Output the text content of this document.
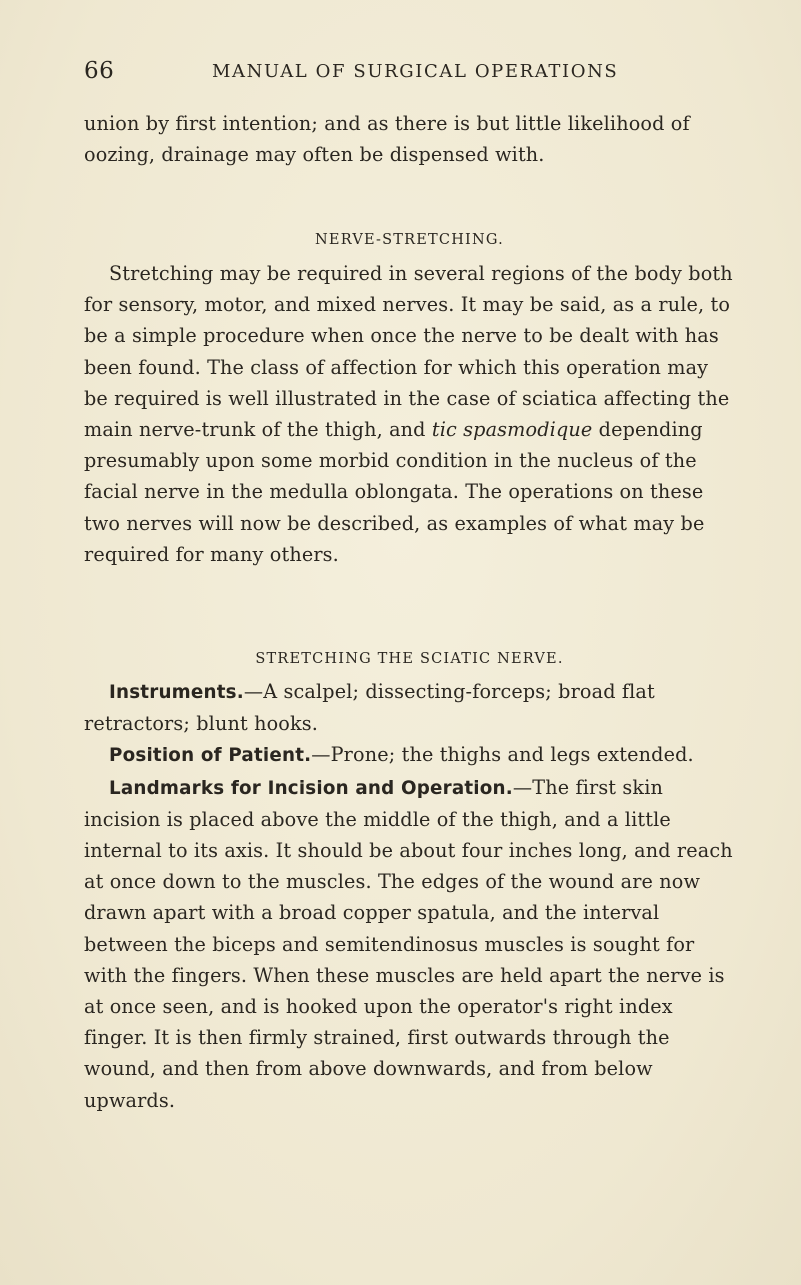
66	MANUAL OF SURGICAL OPERATIONS
union by first intention; and as there is but little likelihood of oozing, drainage may often be dispensed with.
NERVE-STRETCHING.
Stretching may be required in several regions of the body both for sensory, motor, and mixed nerves. It may be said, as a rule, to be a simple procedure when once the nerve to be dealt with has been found. The class of affection for which this operation may be required is well illustrated in the case of sciatica affecting the main nerve-trunk of the thigh, and tic spasmodique depending presumably upon some morbid condition in the nucleus of the facial nerve in the medulla oblongata. The operations on these two nerves will now be described, as examples of what may be required for many others.
STRETCHING THE SCIATIC NERVE.
Instruments.—A scalpel; dissecting-forceps; broad flat retractors; blunt hooks.
Position of Patient.—Prone; the thighs and legs extended.
Landmarks for Incision and Operation.—The first skin incision is placed above the middle of the thigh, and a little internal to its axis. It should be about four inches long, and reach at once down to the muscles. The edges of the wound are now drawn apart with a broad copper spatula, and the interval between the biceps and semitendinosus muscles is sought for with the fingers. When these muscles are held apart the nerve is at once seen, and is hooked upon the operator's right index finger. It is then firmly strained, first outwards through the wound, and then from above downwards, and from below upwards.
